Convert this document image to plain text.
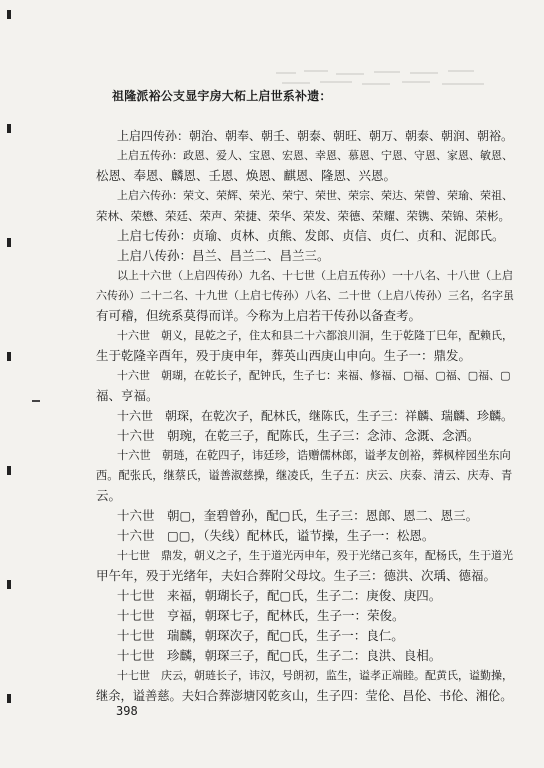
祖隆派裕公支显宇房大柘上启世系补遗：
上启四传孙：朝治、朝奉、朝壬、朝泰、朝旺、朝万、朝泰、朝润、朝裕。
上启五传孙：政恩、爱人、宝恩、宏恩、幸恩、慕恩、宁恩、守恩、家恩、敏恩、
松恩、奉恩、麟恩、壬恩、焕恩、麒恩、隆恩、兴恩。
上启六传孙：荣文、荣辉、荣光、荣宁、荣世、荣宗、荣达、荣曾、荣瑜、荣祖、
荣林、荣懋、荣廷、荣声、荣捷、荣华、荣发、荣德、荣耀、荣镌、荣锦、荣彬。
上启七传孙：贞瑜、贞林、贞熊、发郎、贞信、贞仁、贞和、泥郎氏。
上启八传孙：昌兰、昌兰二、昌兰三。
以上十六世（上启四传孙）九名、十七世（上启五传孙）一十八名、十八世（上启
六传孙）二十二名、十九世（上启七传孙）八名、二十世（上启八传孙）三名，名字虽
有可稽，但统系莫得而详。今称为上启若干传孙以备查考。
十六世　朝义，昆乾之子，住太和县二十六都浪川洞，生于乾隆丁巳年，配赖氏，
生于乾隆辛酉年，殁于庚申年，葬英山西庚山申向。生子一：鼎发。
十六世　朝瑚，在乾长子，配钟氏，生子七：来福、修福、▢福、▢福、▢福、▢
福、亨福。
十六世　朝琛，在乾次子，配林氏，继陈氏，生子三：祥麟、瑞麟、珍麟。
十六世　朝琬，在乾三子，配陈氏，生子三：念沛、念溉、念洒。
十六世　朝琏，在乾四子，讳廷珍，诰赠儒林郎，谥孝友创裕，葬枫梓园坐东向
西。配张氏，继蔡氏，谥善淑慈操，继凌氏，生子五：庆云、庆泰、清云、庆寿、青
云。
十六世　朝▢，奎碧曾孙，配▢氏，生子三：恩郎、恩二、恩三。
十六世　▢▢，（失线）配林氏，谥节操，生子一：松恩。
十七世　鼎发，朝义之子，生于道光丙申年，殁于光绪己亥年，配杨氏，生于道光
甲午年，殁于光绪年，夫妇合葬附父母坟。生子三：德洪、次瑀、德福。
十七世　来福，朝瑚长子，配▢氏，生子二：庚俊、庚四。
十七世　亨福，朝琛七子，配林氏，生子一：荣俊。
十七世　瑞麟，朝琛次子，配▢氏，生子一：良仁。
十七世　珍麟，朝琛三子，配▢氏，生子二：良洪、良相。
十七世　庆云，朝琏长子，讳汉，号朗初，监生，谥孝正端睦。配黄氏，谥勤操，
继余，谥善慈。夫妇合葬澎塘冈乾亥山，生子四：莹伦、昌伦、书伦、湘伦。
398
